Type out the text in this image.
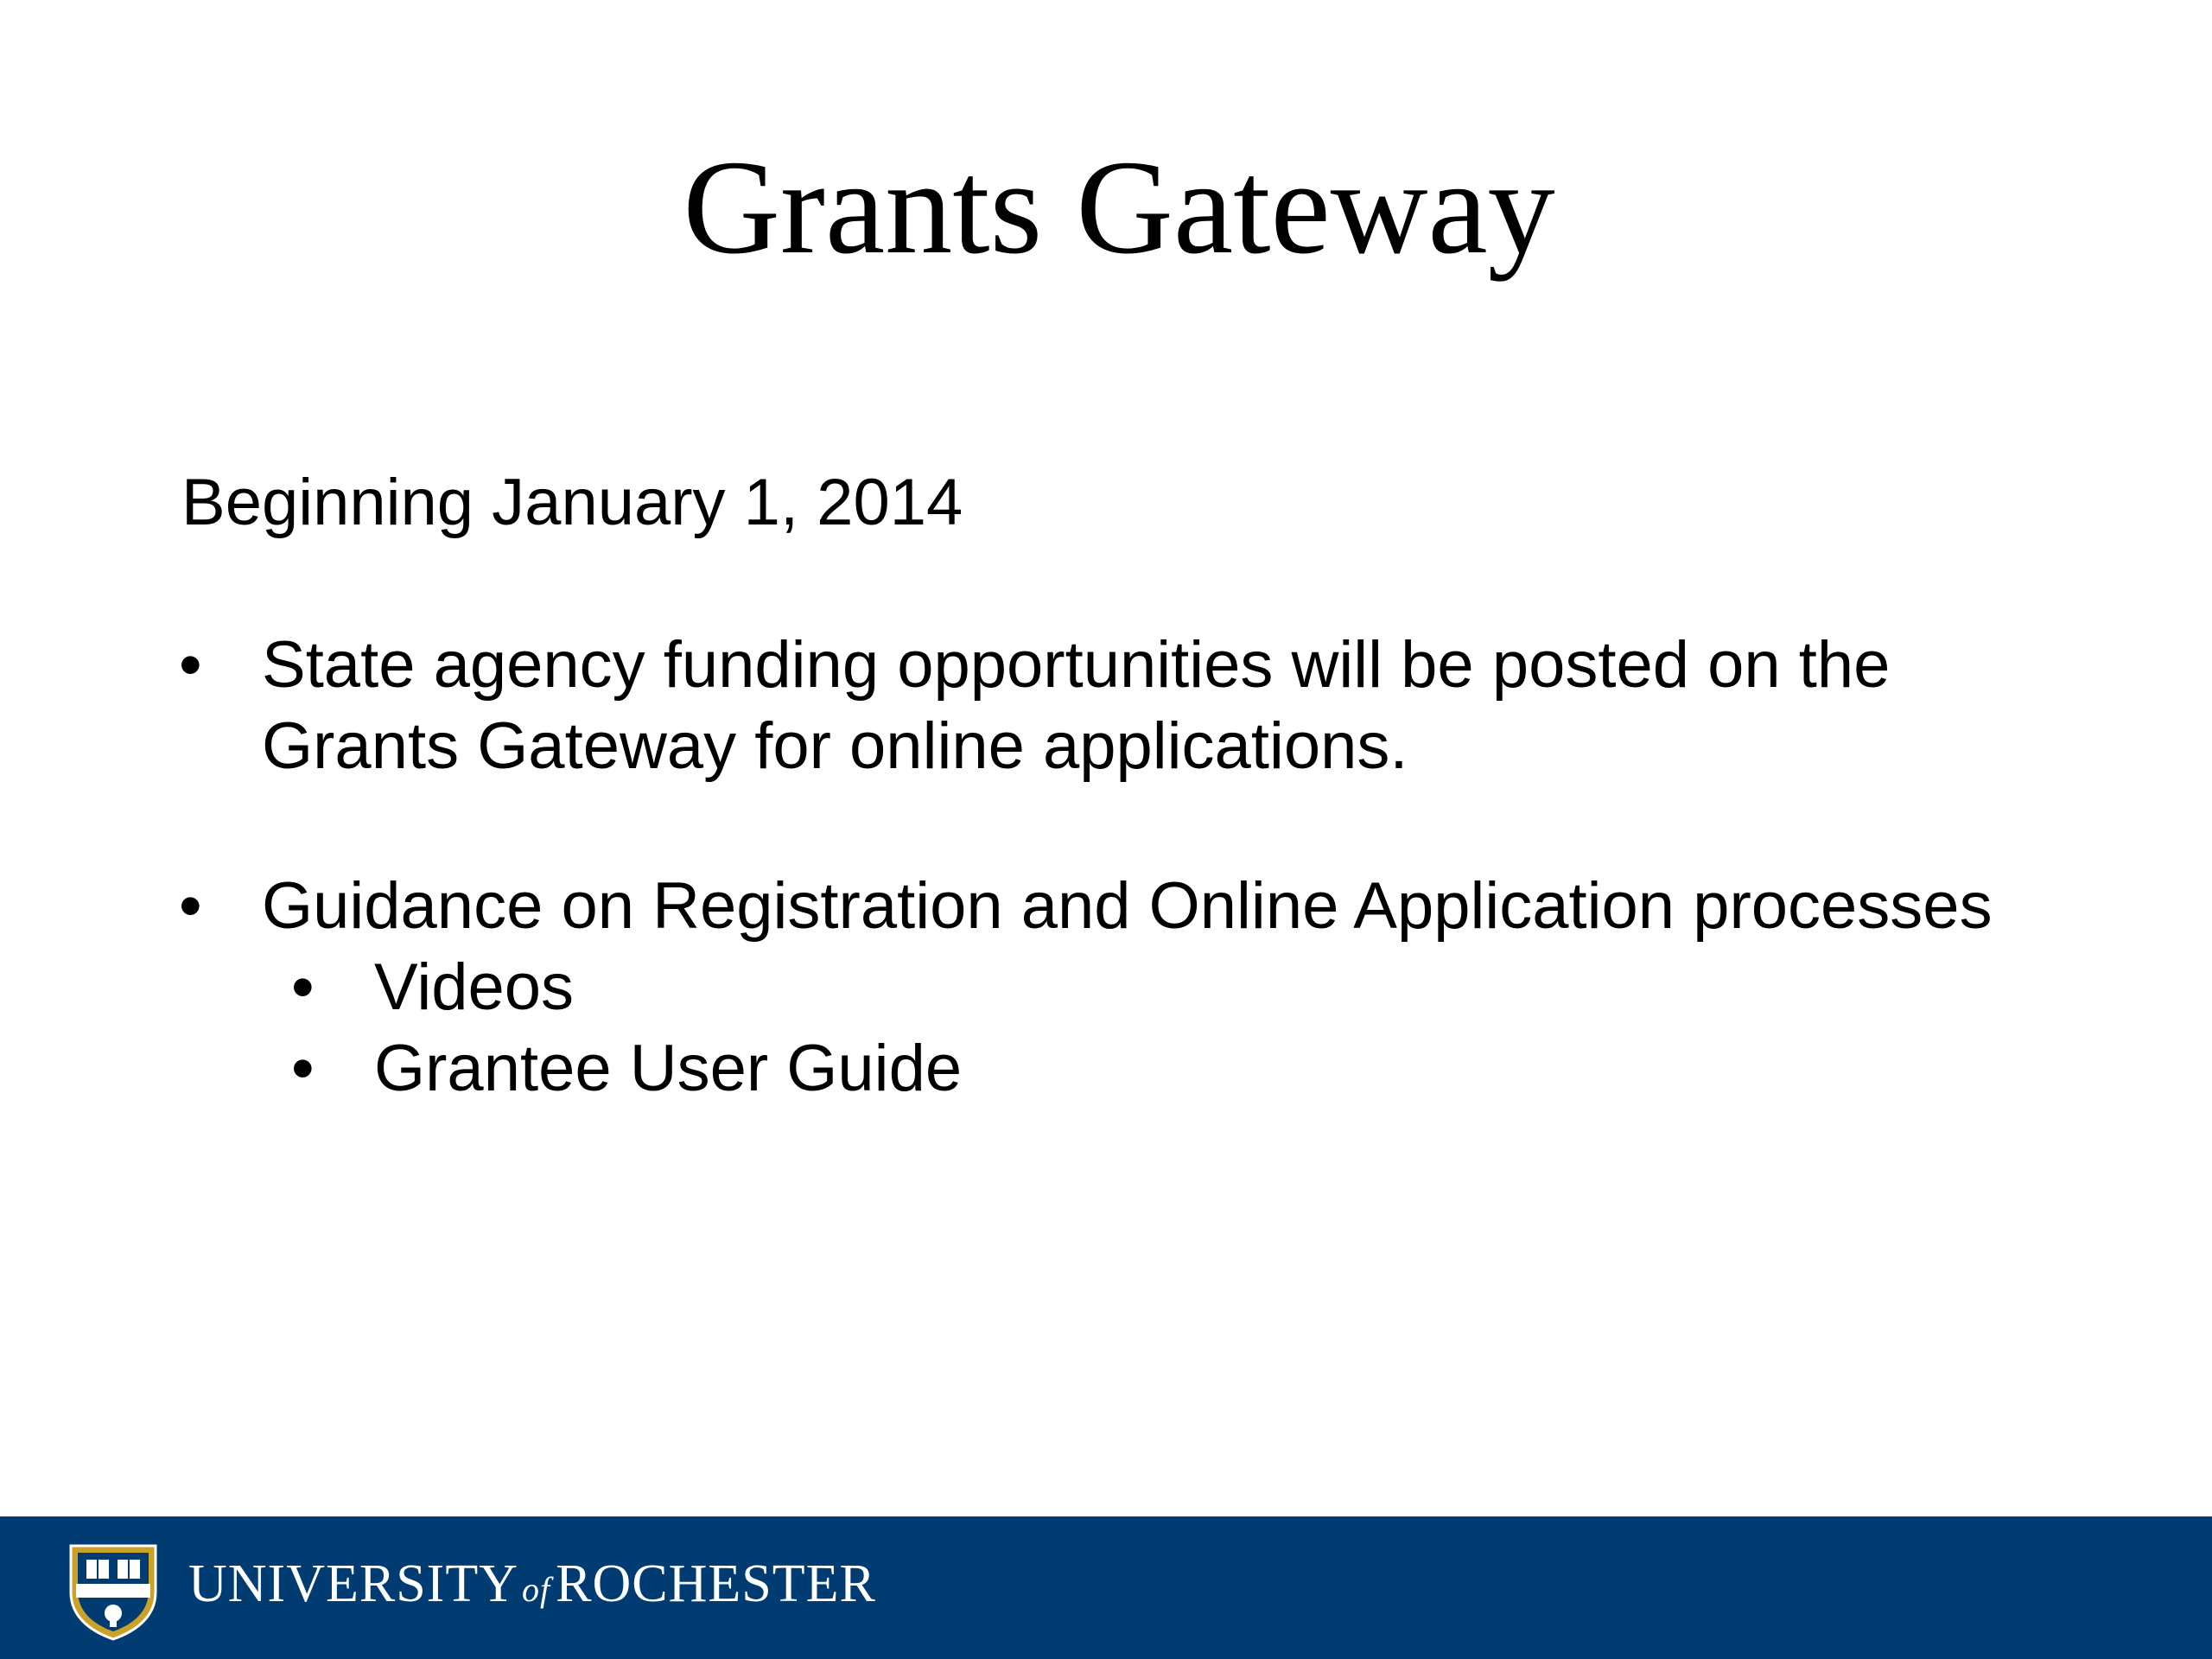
Grants Gateway
Beginning January 1, 2014
• State agency funding opportunities will be posted on the
Grants Gateway for online applications.
• Guidance on Registration and Online Application processes
• Videos
• Grantee User Guide
UNIVERSITY ofROCHESTER
